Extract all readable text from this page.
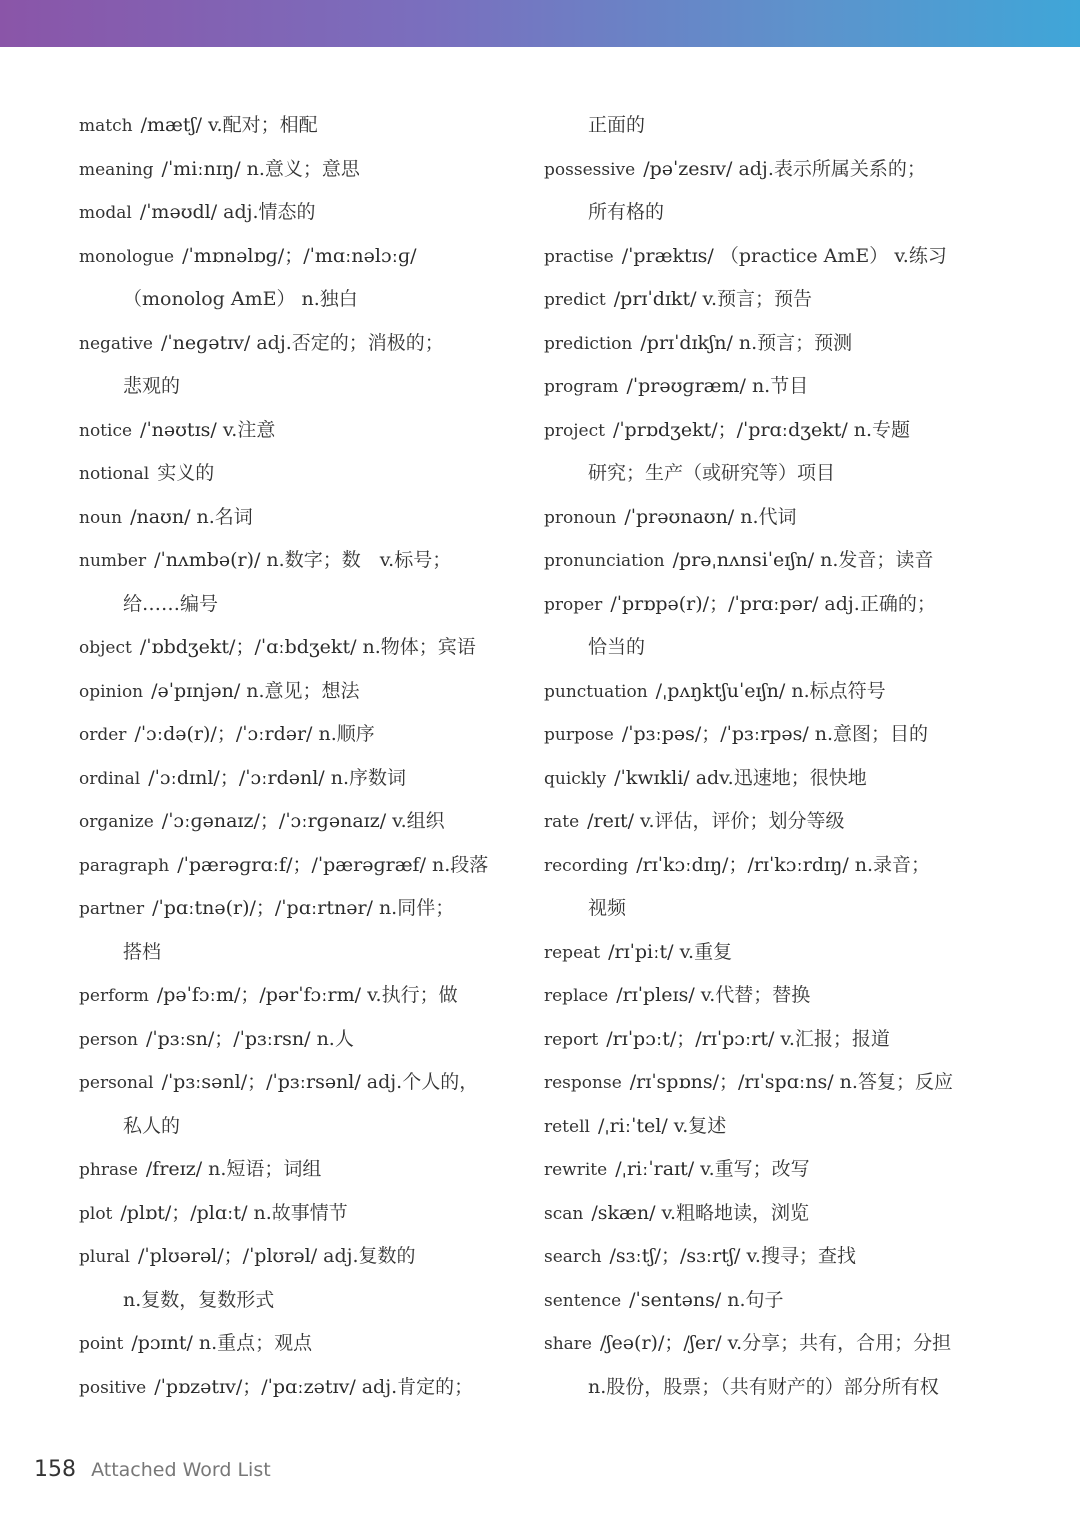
match /mætʃ/ v.配对；相配
meaning /ˈmiːnɪŋ/ n.意义；意思
modal /ˈməʊdl/ adj.情态的
monologue /ˈmɒnəlɒɡ/；/ˈmɑːnəlɔːɡ/
（monolog AmE） n.独白
negative /ˈneɡətɪv/ adj.否定的；消极的；
悲观的
notice /ˈnəʊtɪs/ v.注意
notional 实义的
noun /naʊn/ n.名词
number /ˈnʌmbə(r)/ n.数字；数　v.标号；
给……编号
object /ˈɒbdʒekt/；/ˈɑːbdʒekt/ n.物体；宾语
opinion /əˈpɪnjən/ n.意见；想法
order /ˈɔːdə(r)/；/ˈɔːrdər/ n.顺序
ordinal /ˈɔːdɪnl/；/ˈɔːrdənl/ n.序数词
organize /ˈɔːɡənaɪz/；/ˈɔːrɡənaɪz/ v.组织
paragraph /ˈpærəɡrɑːf/；/ˈpærəɡræf/ n.段落
partner /ˈpɑːtnə(r)/；/ˈpɑːrtnər/ n.同伴；
搭档
perform /pəˈfɔːm/；/pərˈfɔːrm/ v.执行；做
person /ˈpɜːsn/；/ˈpɜːrsn/ n.人
personal /ˈpɜːsənl/；/ˈpɜːrsənl/ adj.个人的，
私人的
phrase /freɪz/ n.短语；词组
plot /plɒt/；/plɑːt/ n.故事情节
plural /ˈplʊərəl/；/ˈplʊrəl/ adj.复数的
n.复数，复数形式
point /pɔɪnt/ n.重点；观点
positive /ˈpɒzətɪv/；/ˈpɑːzətɪv/ adj.肯定的；
正面的
possessive /pəˈzesɪv/ adj.表示所属关系的；
所有格的
practise /ˈpræktɪs/ （practice AmE） v.练习
predict /prɪˈdɪkt/ v.预言；预告
prediction /prɪˈdɪkʃn/ n.预言；预测
program /ˈprəʊɡræm/ n.节目
project /ˈprɒdʒekt/；/ˈprɑːdʒekt/ n.专题
研究；生产（或研究等）项目
pronoun /ˈprəʊnaʊn/ n.代词
pronunciation /prəˌnʌnsiˈeɪʃn/ n.发音；读音
proper /ˈprɒpə(r)/；/ˈprɑːpər/ adj.正确的；
恰当的
punctuation /ˌpʌŋktʃuˈeɪʃn/ n.标点符号
purpose /ˈpɜːpəs/；/ˈpɜːrpəs/ n.意图；目的
quickly /ˈkwɪkli/ adv.迅速地；很快地
rate /reɪt/ v.评估，评价；划分等级
recording /rɪˈkɔːdɪŋ/；/rɪˈkɔːrdɪŋ/ n.录音；
视频
repeat /rɪˈpiːt/ v.重复
replace /rɪˈpleɪs/ v.代替；替换
report /rɪˈpɔːt/；/rɪˈpɔːrt/ v.汇报；报道
response /rɪˈspɒns/；/rɪˈspɑːns/ n.答复；反应
retell /ˌriːˈtel/ v.复述
rewrite /ˌriːˈraɪt/ v.重写；改写
scan /skæn/ v.粗略地读，浏览
search /sɜːtʃ/；/sɜːrtʃ/ v.搜寻；查找
sentence /ˈsentəns/ n.句子
share /ʃeə(r)/；/ʃer/ v.分享；共有，合用；分担
n.股份，股票；（共有财产的）部分所有权
158 Attached Word List
